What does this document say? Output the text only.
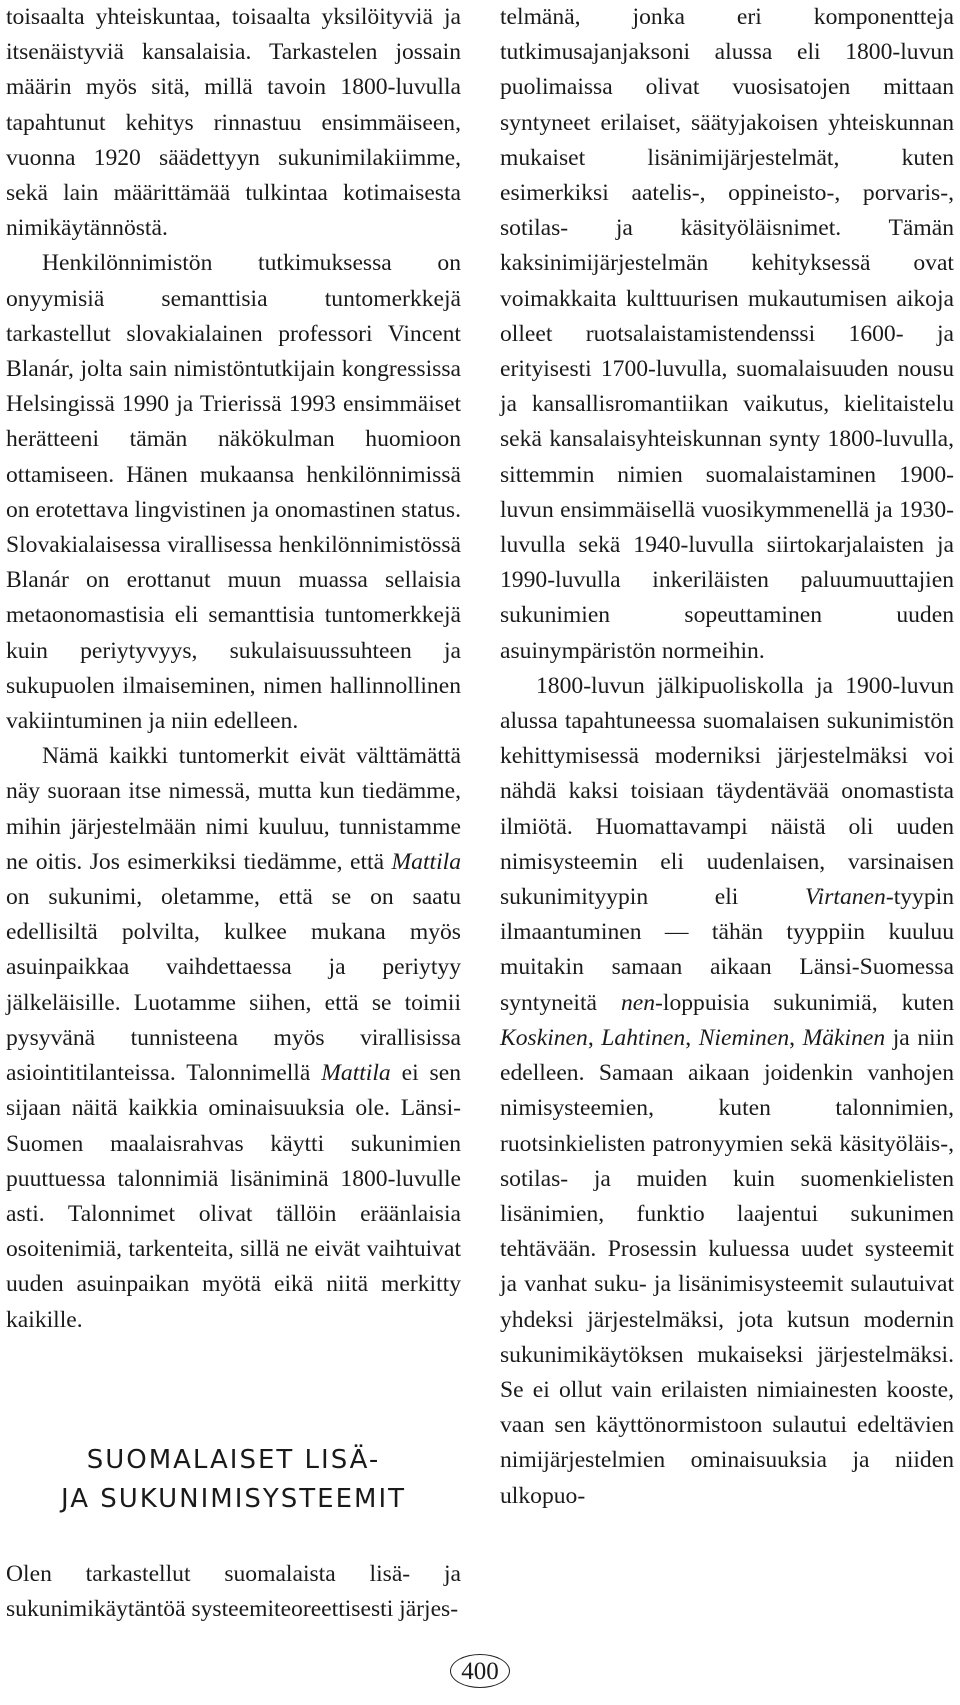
toisaalta yhteiskuntaa, toisaalta yksilöityviä ja itsenäistyviä kansalaisia. Tarkastelen jossain määrin myös sitä, millä tavoin 1800-luvulla tapahtunut kehitys rinnastuu ensimmäiseen, vuonna 1920 säädettyyn sukunimilakiimme, sekä lain määrittämää tulkintaa kotimaisesta nimikäytännöstä.

Henkilönnimistön tutkimuksessa on onyymisiä semanttisia tuntomerkkejä tarkastellut slovakialainen professori Vincent Blanár, jolta sain nimistöntutkijain kongressissa Helsingissä 1990 ja Trierissä 1993 ensimmäiset herätteeni tämän näkökulman huomioon ottamiseen. Hänen mukaansa henkilönnimissä on erotettava lingvistinen ja onomastinen status. Slovakialaisessa virallisessa henkilönnimistössä Blanár on erottanut muun muassa sellaisia metaonomastisia eli semanttisia tuntomerkkejä kuin periytyvyys, sukulaisuussuhteen ja sukupuolen ilmaiseminen, nimen hallinnollinen vakiintuminen ja niin edelleen.

Nämä kaikki tuntomerkit eivät välttämättä näy suoraan itse nimessä, mutta kun tiedämme, mihin järjestelmään nimi kuuluu, tunnistamme ne oitis. Jos esimerkiksi tiedämme, että Mattila on sukunimi, oletamme, että se on saatu edellisiltä polvilta, kulkee mukana myös asuinpaikkaa vaihdettaessa ja periytyy jälkeläisille. Luotamme siihen, että se toimii pysyvänä tunnisteena myös virallisissa asiointitilanteissa. Talonnimellä Mattila ei sen sijaan näitä kaikkia ominaisuuksia ole. Länsi-Suomen maalaisrahvas käytti sukunimien puuttuessa talonnimiä lisäniminä 1800-luvulle asti. Talonnimet olivat tällöin eräänlaisia osoitenimiä, tarkenteita, sillä ne eivät vaihtuivat uuden asuinpaikan myötä eikä niitä merkitty kaikille.

SUOMALAISET LISÄ-
JA SUKUNIMISYSTEEMIT

Olen tarkastellut suomalaista lisä- ja sukunimikäytäntöä systeemiteoreettisesti järjes-

telmänä, jonka eri komponentteja tutkimusajanjaksoni alussa eli 1800-luvun puolimaissa olivat vuosisatojen mittaan syntyneet erilaiset, säätyjakoisen yhteiskunnan mukaiset lisänimijärjestelmät, kuten esimerkiksi aatelis-, oppineisto-, porvaris-, sotilas- ja käsityöläisnimet. Tämän kaksinimijärjestelmän kehityksessä ovat voimakkaita kulttuurisen mukautumisen aikoja olleet ruotsalaistamistendenssi 1600- ja erityisesti 1700-luvulla, suomalaisuuden nousu ja kansallisromantiikan vaikutus, kielitaistelu sekä kansalaisyhteiskunnan synty 1800-luvulla, sittemmin nimien suomalaistaminen 1900-luvun ensimmäisellä vuosikymmenellä ja 1930-luvulla sekä 1940-luvulla siirtokarjalaisten ja 1990-luvulla inkeriläisten paluumuuttajien sukunimien sopeuttaminen uuden asuinympäristön normeihin.

1800-luvun jälkipuoliskolla ja 1900-luvun alussa tapahtuneessa suomalaisen sukunimistön kehittymisessä moderniksi järjestelmäksi voi nähdä kaksi toisiaan täydentävää onomastista ilmiötä. Huomattavampi näistä oli uuden nimisysteemin eli uudenlaisen, varsinaisen sukunimityypin eli Virtanen-tyypin ilmaantuminen — tähän tyyppiin kuuluu muitakin samaan aikaan Länsi-Suomessa syntyneitä nen-loppuisia sukunimiä, kuten Koskinen, Lahtinen, Nieminen, Mäkinen ja niin edelleen. Samaan aikaan joidenkin vanhojen nimisysteemien, kuten talonnimien, ruotsinkielisten patronyymien sekä käsityöläis-, sotilas- ja muiden kuin suomenkielisten lisänimien, funktio laajentui sukunimen tehtävään. Prosessin kuluessa uudet systeemit ja vanhat suku- ja lisänimisysteemit sulautuivat yhdeksi järjestelmäksi, jota kutsun modernin sukunimikäytöksen mukaiseksi järjestelmäksi. Se ei ollut vain erilaisten nimiainesten kooste, vaan sen käyttönormistoon sulautui edeltävien nimijärjestelmien ominaisuuksia ja niiden ulkopuo-

400
